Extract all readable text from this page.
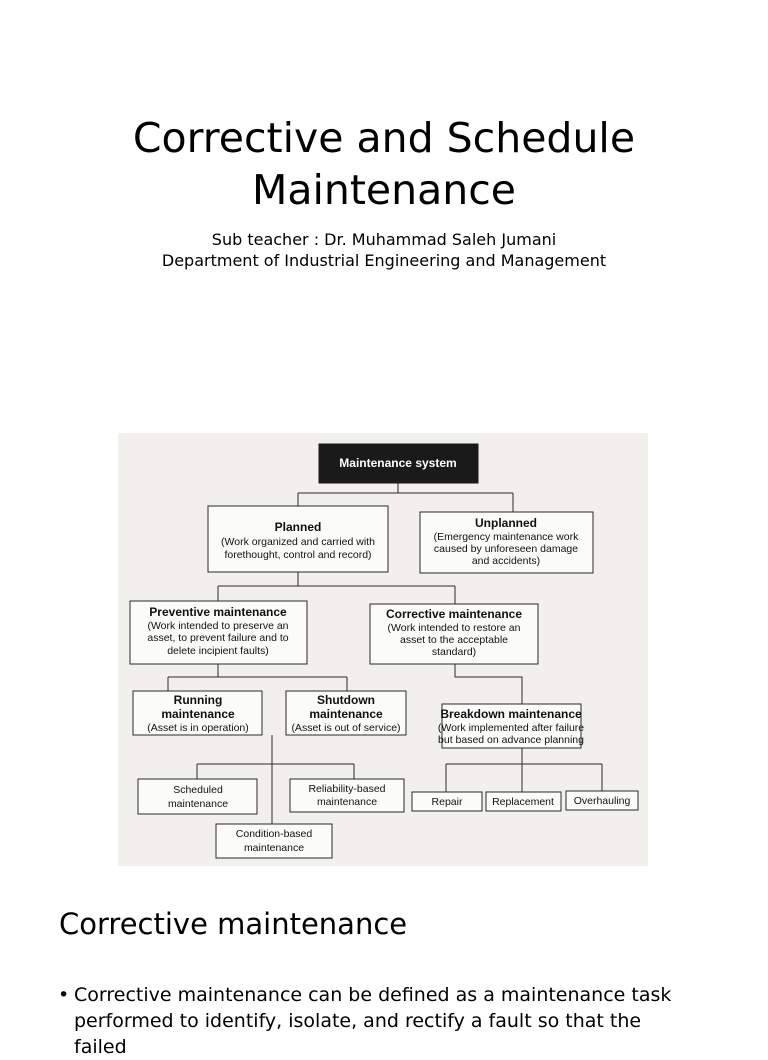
Corrective and Schedule
Maintenance
Sub teacher : Dr. Muhammad Saleh Jumani
Department of Industrial Engineering and Management
Maintenance system
Planned
(Work organized and carried with
forethought, control and record)
Unplanned
(Emergency maintenance work
caused by unforeseen damage
and accidents)
Preventive maintenance
(Work intended to preserve an
asset, to prevent failure and to
delete incipient faults)
Corrective maintenance
(Work intended to restore an
asset to the acceptable
standard)
Running
maintenance
(Asset is in operation)
Shutdown
maintenance
(Asset is out of service)
Breakdown maintenance
(Work implemented after failure
but based on advance planning
Scheduled
maintenance
Reliability-based
maintenance
Condition-based
maintenance
Repair	Replacement Overhauling
Corrective maintenance
• Corrective maintenance can be defined as a maintenance task performed to identify, isolate, and rectify a fault so that the failed
